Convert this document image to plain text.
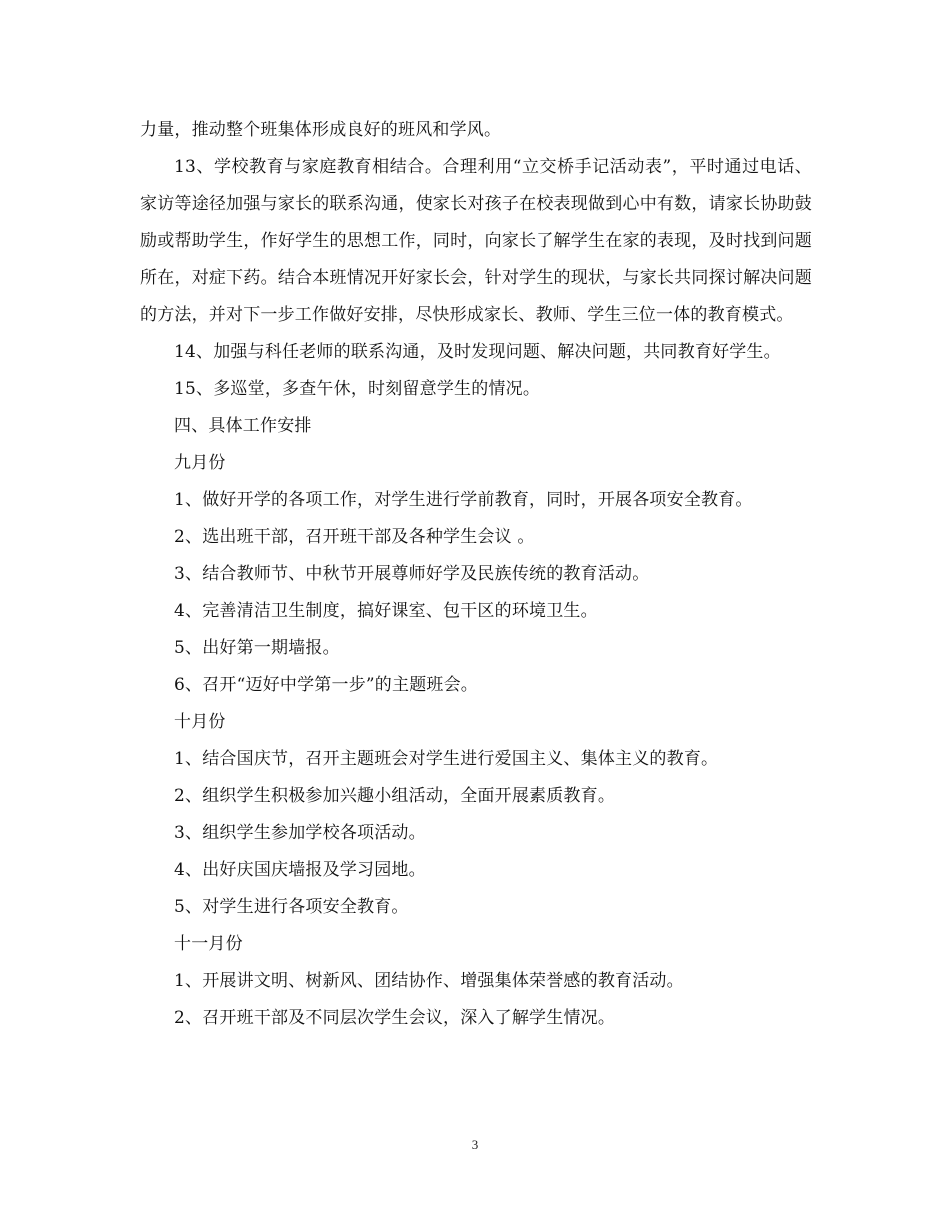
力量，推动整个班集体形成良好的班风和学风。

13、学校教育与家庭教育相结合。合理利用“立交桥手记活动表”，平时通过电话、家访等途径加强与家长的联系沟通，使家长对孩子在校表现做到心中有数，请家长协助鼓励或帮助学生，作好学生的思想工作，同时，向家长了解学生在家的表现，及时找到问题所在，对症下药。结合本班情况开好家长会，针对学生的现状，与家长共同探讨解决问题的方法，并对下一步工作做好安排，尽快形成家长、教师、学生三位一体的教育模式。

14、加强与科任老师的联系沟通，及时发现问题、解决问题，共同教育好学生。

15、多巡堂，多查午休，时刻留意学生的情况。

四、具体工作安排

九月份

1、做好开学的各项工作，对学生进行学前教育，同时，开展各项安全教育。

2、选出班干部，召开班干部及各种学生会议 。

3、结合教师节、中秋节开展尊师好学及民族传统的教育活动。

4、完善清洁卫生制度，搞好课室、包干区的环境卫生。

5、出好第一期墙报。

6、召开“迈好中学第一步”的主题班会。

十月份

1、结合国庆节，召开主题班会对学生进行爱国主义、集体主义的教育。

2、组织学生积极参加兴趣小组活动，全面开展素质教育。

3、组织学生参加学校各项活动。

4、出好庆国庆墙报及学习园地。

5、对学生进行各项安全教育。

十一月份

1、开展讲文明、树新风、团结协作、增强集体荣誉感的教育活动。

2、召开班干部及不同层次学生会议，深入了解学生情况。

3
